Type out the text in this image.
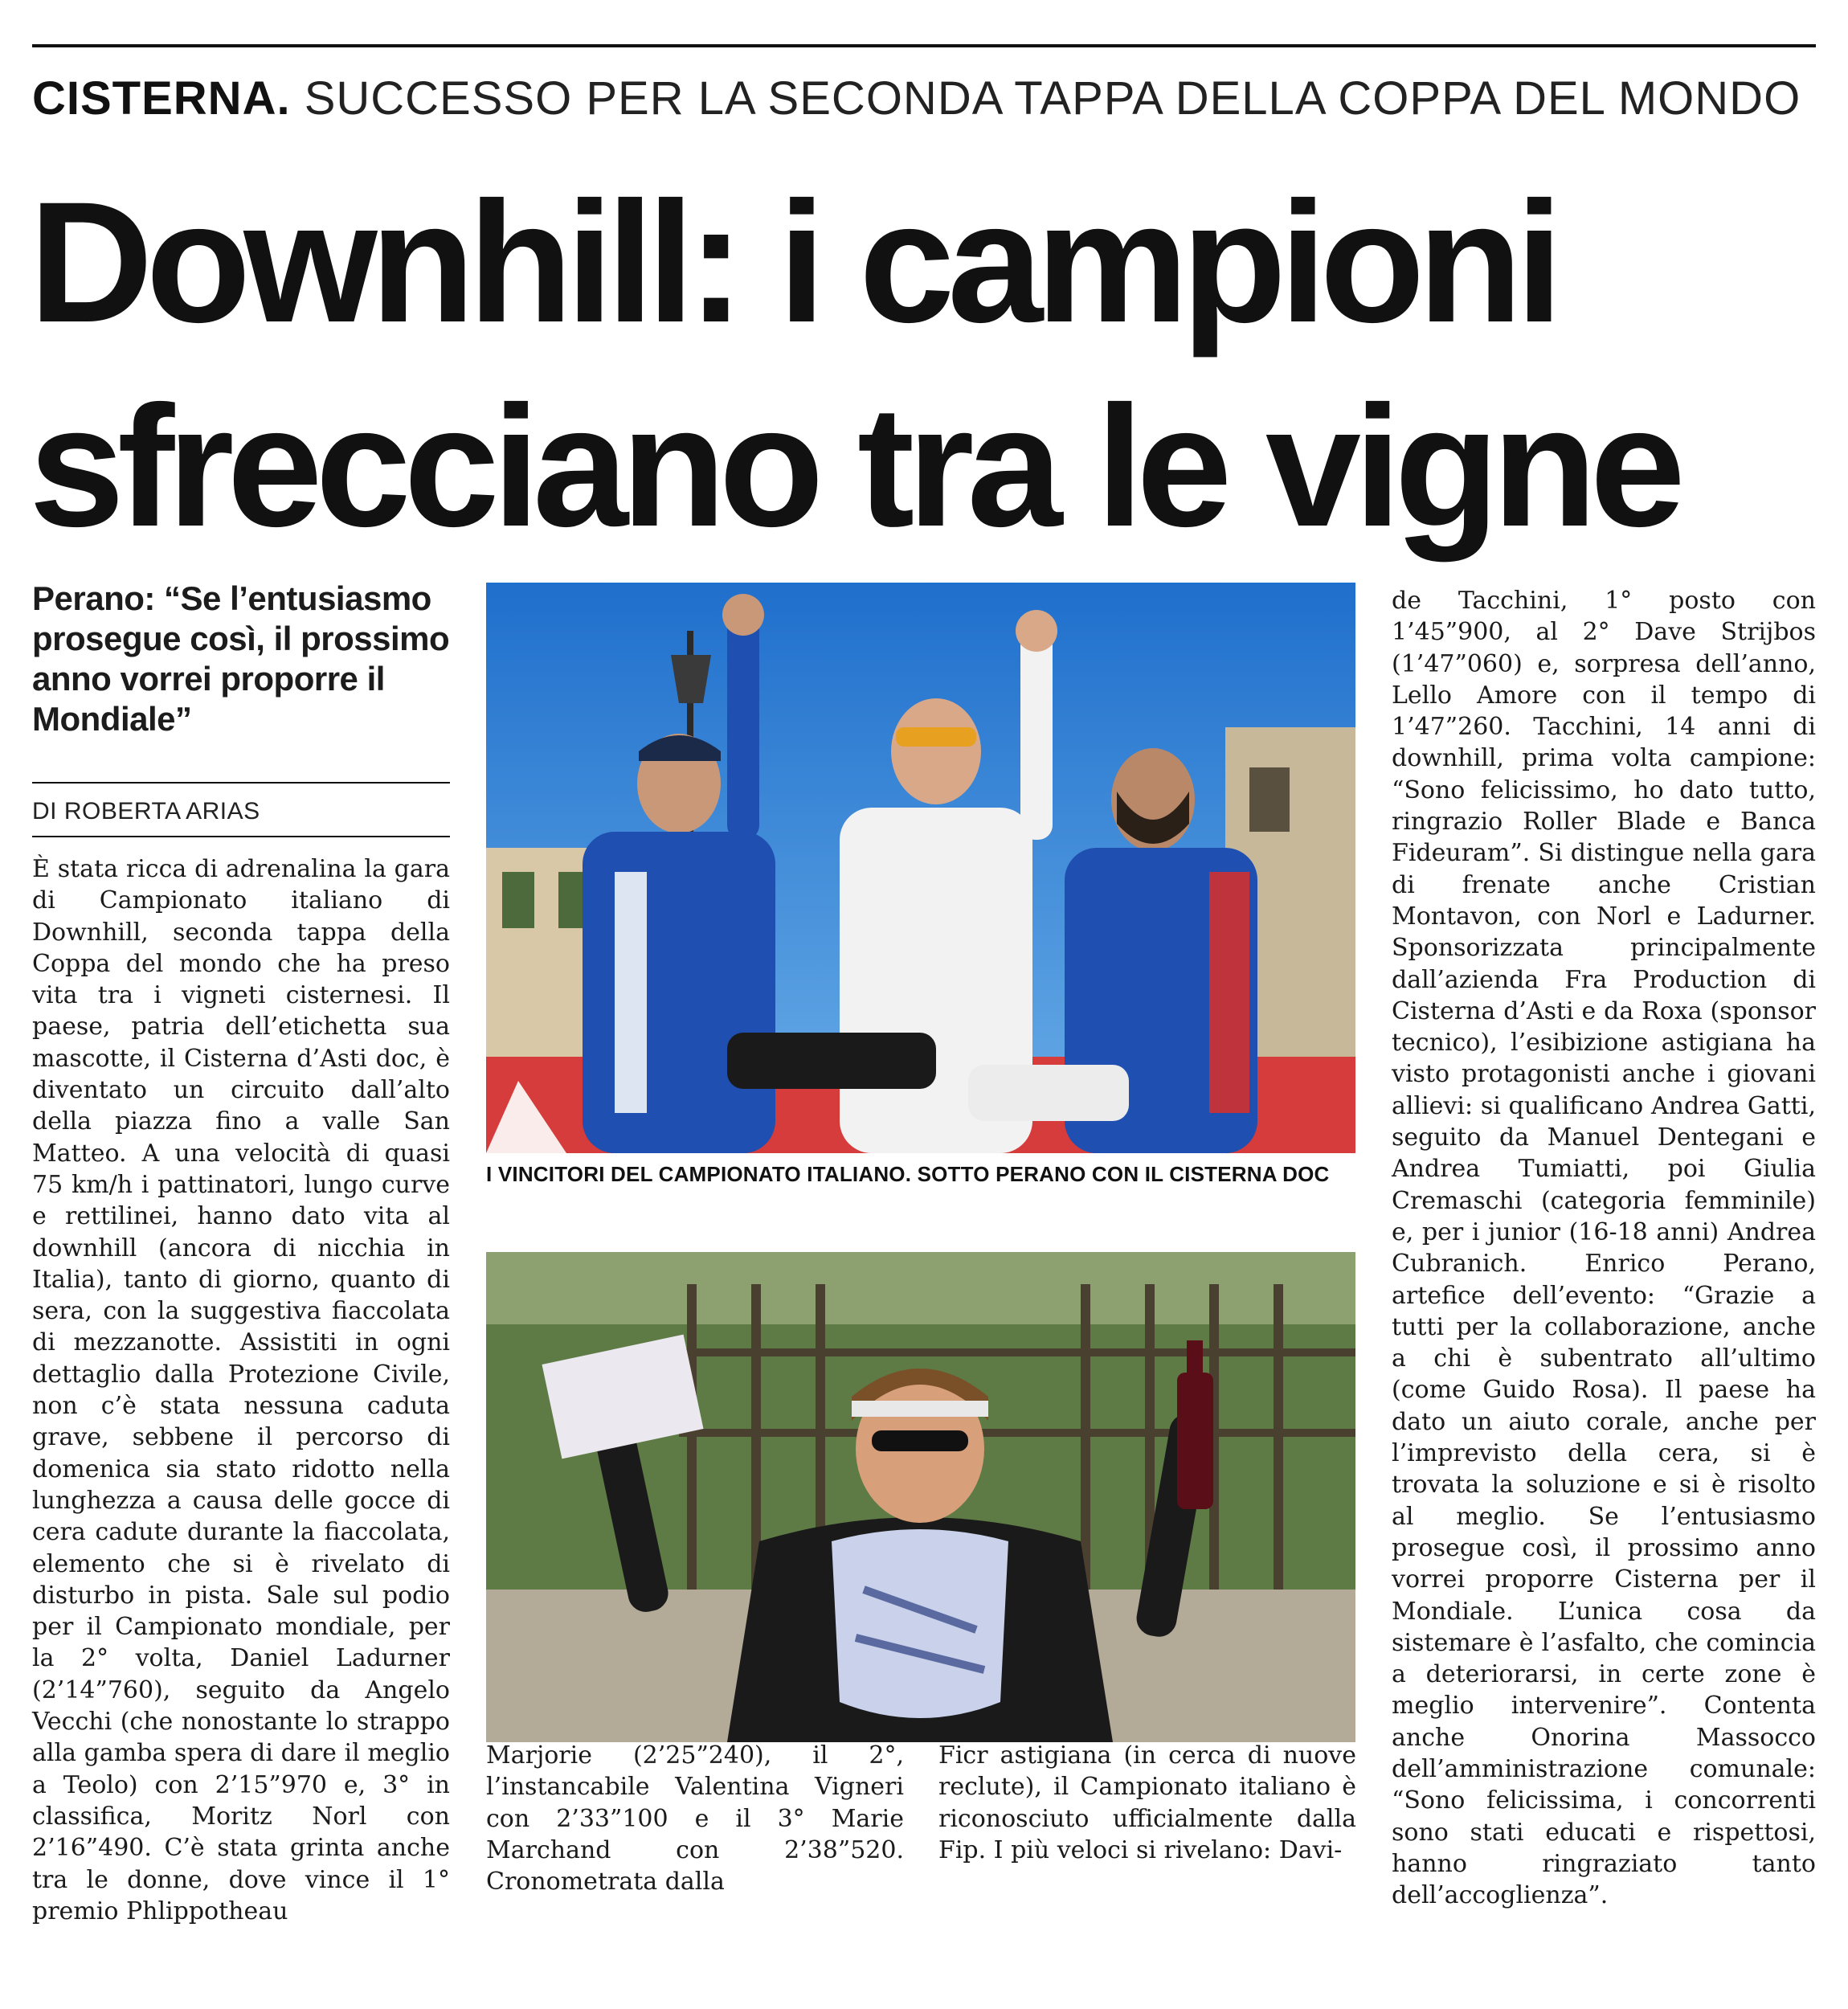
CISTERNA. SUCCESSO PER LA SECONDA TAPPA DELLA COPPA DEL MONDO
Downhill: i campioni
sfrecciano tra le vigne
Perano: “Se l’entusiasmo prosegue così, il prossimo anno vorrei proporre il Mondiale”
DI ROBERTA ARIAS
È stata ricca di adrenalina la gara di Campionato italiano di Downhill, seconda tappa della Coppa del mondo che ha preso vita tra i vigneti cisternesi. Il paese, patria dell’etichetta sua mascotte, il Cisterna d’Asti doc, è diventato un circuito dall’alto della piazza fino a valle San Matteo. A una velocità di quasi 75 km/h i pattinatori, lungo curve e rettilinei, hanno dato vita al downhill (ancora di nicchia in Italia), tanto di giorno, quanto di sera, con la suggestiva fiaccolata di mezzanotte. Assistiti in ogni dettaglio dalla Protezione Civile, non c’è stata nessuna caduta grave, sebbene il percorso di domenica sia stato ridotto nella lunghezza a causa delle gocce di cera cadute durante la fiaccolata, elemento che si è rivelato di disturbo in pista. Sale sul podio per il Campionato mondiale, per la 2° volta, Daniel Ladurner (2’14”760), seguito da Angelo Vecchi (che nonostante lo strappo alla gamba spera di dare il meglio a Teolo) con 2’15”970 e, 3° in classifica, Moritz Norl con 2’16”490. C’è stata grinta anche tra le donne, dove vince il 1° premio Phlippotheau
I VINCITORI DEL CAMPIONATO ITALIANO. SOTTO PERANO CON IL CISTERNA DOC
Marjorie (2’25”240), il 2°, l’instancabile Valentina Vigneri con 2’33”100 e il 3° Marie Marchand con 2’38”520. Cronometrata dalla
Ficr astigiana (in cerca di nuove reclute), il Campionato italiano è riconosciuto ufficialmente dalla Fip. I più veloci si rivelano: Davi-
de Tacchini, 1° posto con 1’45”900, al 2° Dave Strijbos (1’47”060) e, sorpresa dell’anno, Lello Amore con il tempo di 1’47”260. Tacchini, 14 anni di downhill, prima volta campione: “Sono felicissimo, ho dato tutto, ringrazio Roller Blade e Banca Fideuram”. Si distingue nella gara di frenate anche Cristian Montavon, con Norl e Ladurner. Sponsorizzata principalmente dall’azienda Fra Production di Cisterna d’Asti e da Roxa (sponsor tecnico), l’esibizione astigiana ha visto protagonisti anche i giovani allievi: si qualificano Andrea Gatti, seguito da Manuel Dentegani e Andrea Tumiatti, poi Giulia Cremaschi (categoria femminile) e, per i junior (16-18 anni) Andrea Cubranich. Enrico Perano, artefice dell’evento: “Grazie a tutti per la collaborazione, anche a chi è subentrato all’ultimo (come Guido Rosa). Il paese ha dato un aiuto corale, anche per l’imprevisto della cera, si è trovata la soluzione e si è risolto al meglio. Se l’entusiasmo prosegue così, il prossimo anno vorrei proporre Cisterna per il Mondiale. L’unica cosa da sistemare è l’asfalto, che comincia a deteriorarsi, in certe zone è meglio intervenire”. Contenta anche Onorina Massocco dell’amministrazione comunale: “Sono felicissima, i concorrenti sono stati educati e rispettosi, hanno ringraziato tanto dell’accoglienza”.
